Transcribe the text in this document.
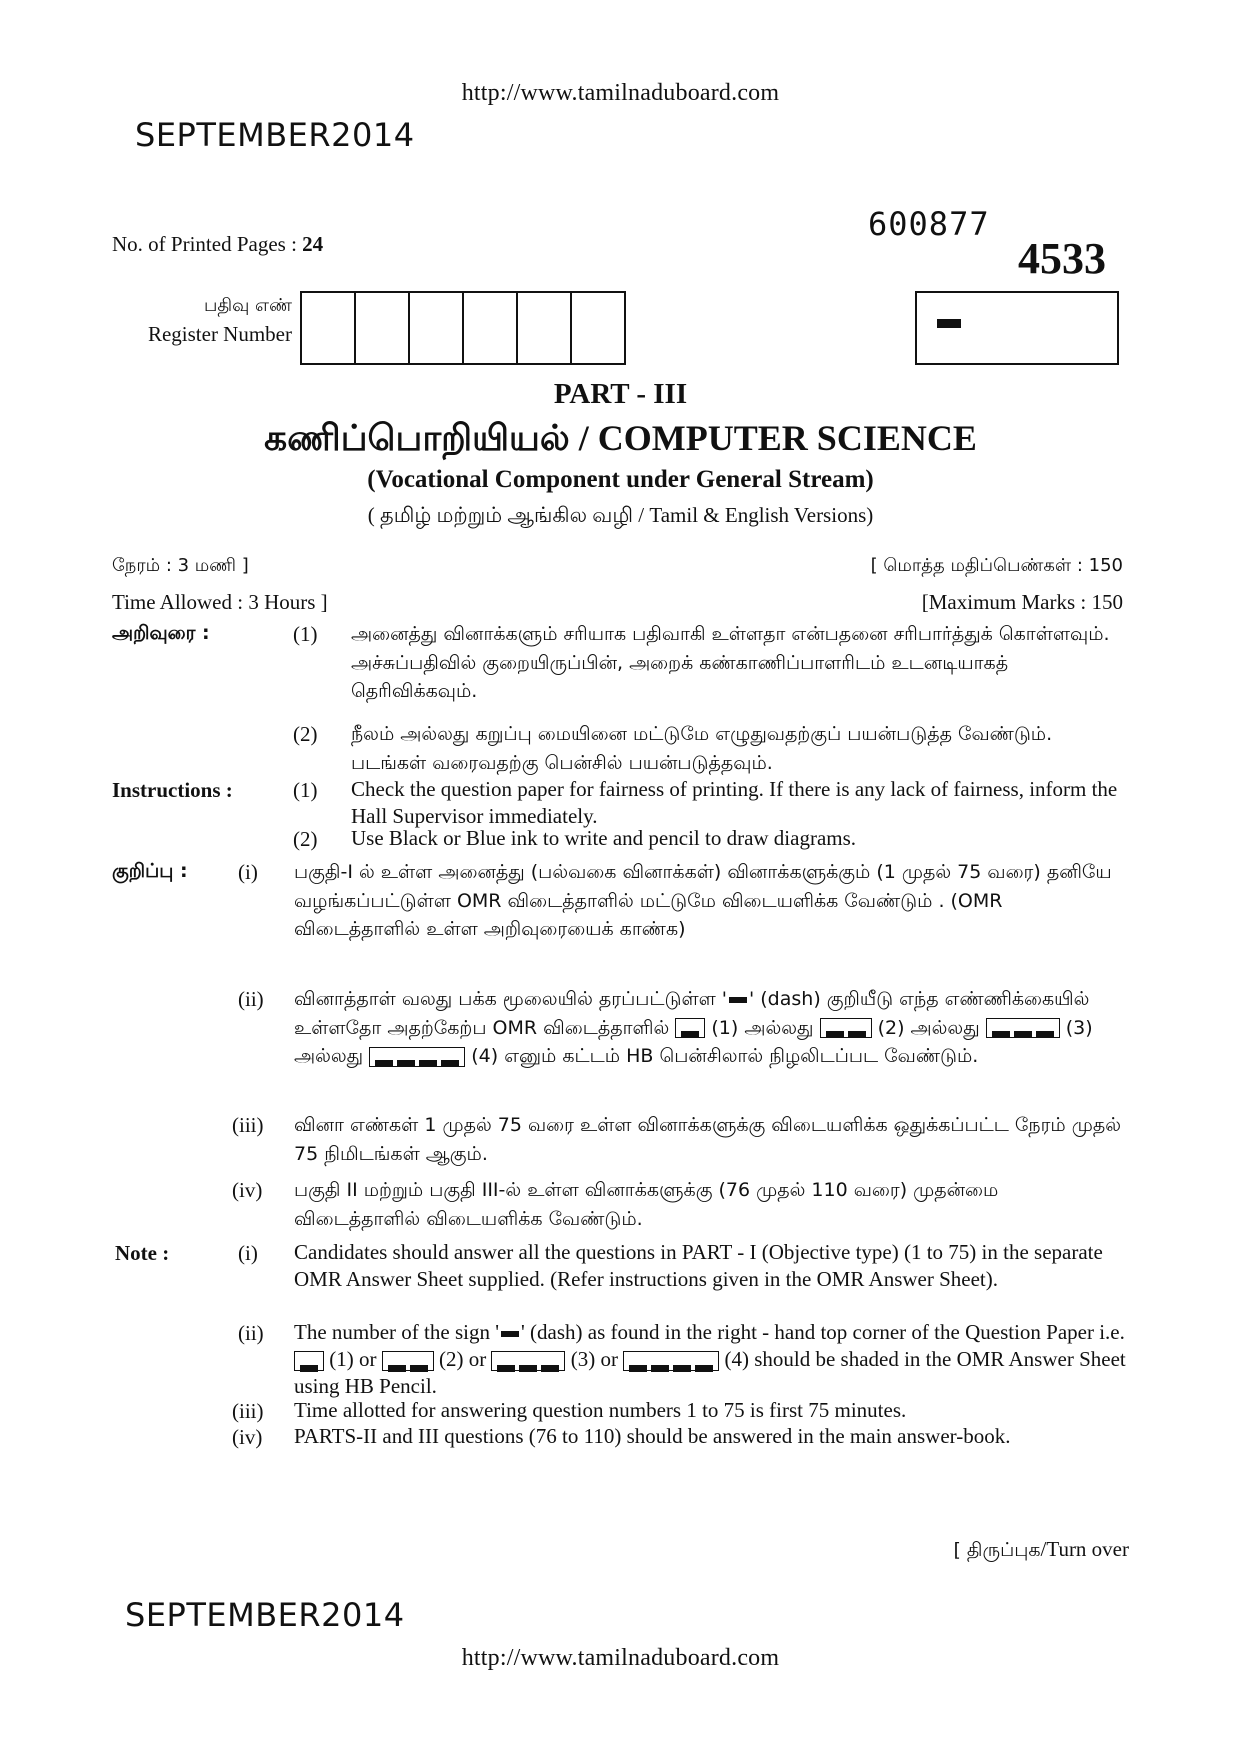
http://www.tamilnaduboard.com
SEPTEMBER2014
600877
4533
No. of Printed Pages : 24
பதிவு எண்
Register Number
PART - III
கணிப்பொறியியல் / COMPUTER SCIENCE
(Vocational Component under General Stream)
( தமிழ் மற்றும் ஆங்கில வழி / Tamil & English Versions)
நேரம் : 3 மணி ]	[ மொத்த மதிப்பெண்கள் : 150
Time Allowed : 3 Hours ]	[Maximum Marks : 150
அறிவுரை :	(1) அனைத்து வினாக்களும் சரியாக பதிவாகி உள்ளதா என்பதனை சரிபார்த்துக் கொள்ளவும். அச்சுப்பதிவில் குறையிருப்பின், அறைக் கண்காணிப்பாளரிடம் உடனடியாகத் தெரிவிக்கவும்.
(2) நீலம் அல்லது கறுப்பு மையினை மட்டுமே எழுதுவதற்குப் பயன்படுத்த வேண்டும். படங்கள் வரைவதற்கு பென்சில் பயன்படுத்தவும்.
Instructions :	(1) Check the question paper for fairness of printing. If there is any lack of fairness, inform the Hall Supervisor immediately.
(2) Use Black or Blue ink to write and pencil to draw diagrams.
குறிப்பு : (i) பகுதி-I ல் உள்ள அனைத்து (பல்வகை வினாக்கள்) வினாக்களுக்கும் (1 முதல் 75 வரை) தனியே வழங்கப்பட்டுள்ள OMR விடைத்தாளில் மட்டுமே விடையளிக்க வேண்டும் . (OMR விடைத்தாளில் உள்ள அறிவுரையைக் காண்க)
(ii) வினாத்தாள் வலது பக்க மூலையில் தரப்பட்டுள்ள ' ' (dash) குறியீடு எந்த எண்ணிக்கையில் உள்ளதோ அதற்கேற்ப OMR விடைத்தாளில் (1) அல்லது	(2) அல்லது	(3) அல்லது	(4) எனும் கட்டம் HB பென்சிலால் நிழலிடப்பட வேண்டும்.
(iii) வினா எண்கள் 1 முதல் 75 வரை உள்ள வினாக்களுக்கு விடையளிக்க ஒதுக்கப்பட்ட நேரம் முதல் 75 நிமிடங்கள் ஆகும்.
(iv) பகுதி II மற்றும் பகுதி III-ல் உள்ள வினாக்களுக்கு (76 முதல் 110 வரை) முதன்மை விடைத்தாளில் விடையளிக்க வேண்டும்.
Note :	(i) Candidates should answer all the questions in PART - I (Objective type) (1 to 75) in the separate OMR Answer Sheet supplied. (Refer instructions given in the OMR Answer Sheet).
(ii) The number of the sign ' ' (dash) as found in the right - hand top corner of the Question Paper i.e.  (1) or	(2) or	(3) or	(4) should be shaded in the OMR Answer Sheet using HB Pencil.
(iii) Time allotted for answering question numbers 1 to 75 is first 75 minutes.
(iv) PARTS-II and III questions (76 to 110) should be answered in the main answer-book.
[ திருப்புக/Turn over
SEPTEMBER2014
http://www.tamilnaduboard.com
